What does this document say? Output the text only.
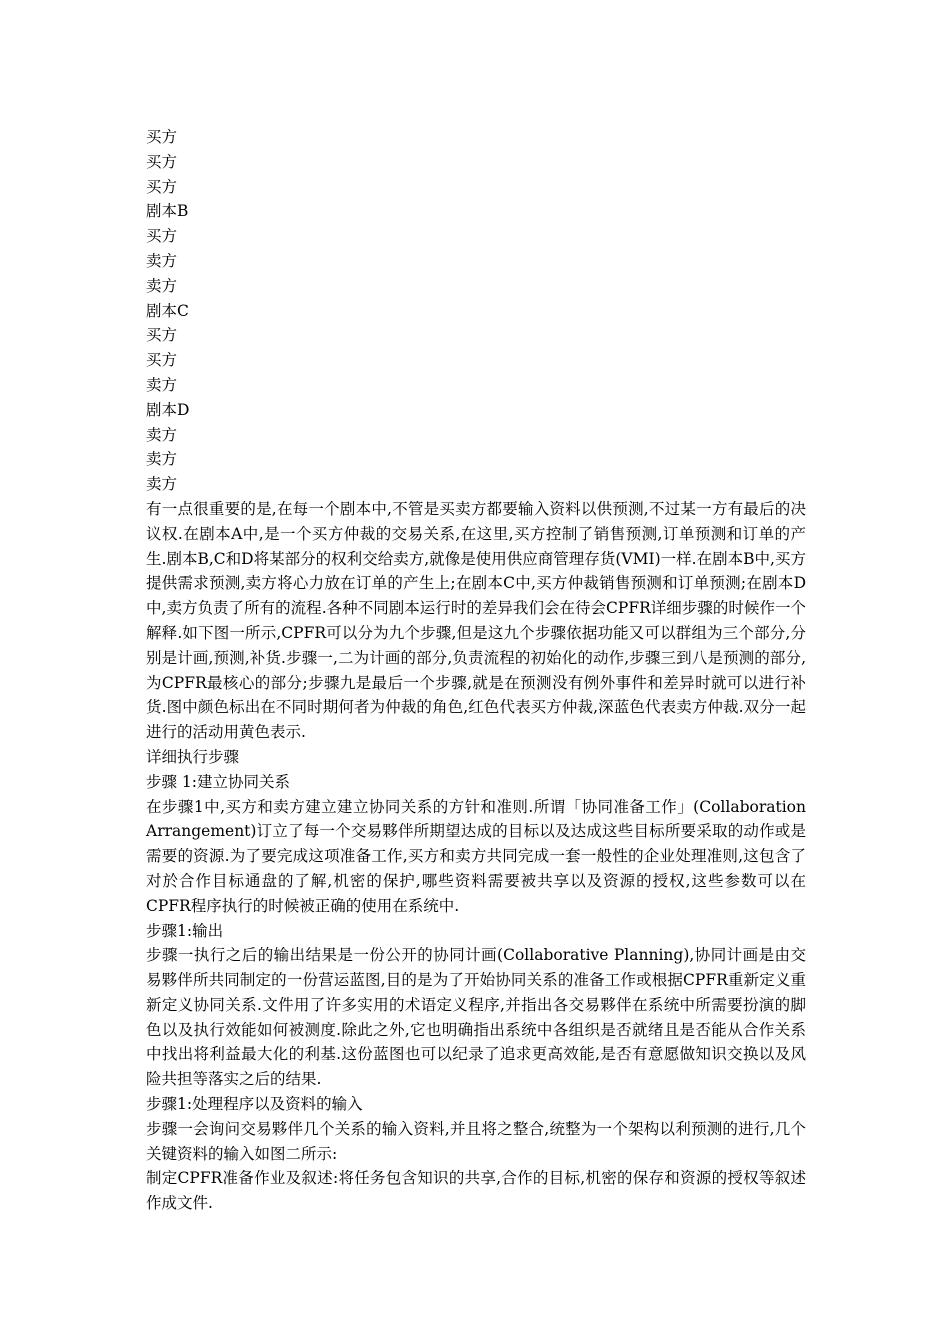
买方
买方
买方
剧本B
买方
卖方
卖方
剧本C
买方
买方
卖方
剧本D
卖方
卖方
卖方

有一点很重要的是,在每一个剧本中,不管是买卖方都要输入资料以供预测,不过某一方有最后的决议权.在剧本A中,是一个买方仲裁的交易关系,在这里,买方控制了销售预测,订单预测和订单的产生.剧本B,C和D将某部分的权利交给卖方,就像是使用供应商管理存货(VMI)一样.在剧本B中,买方提供需求预测,卖方将心力放在订单的产生上;在剧本C中,买方仲裁销售预测和订单预测;在剧本D中,卖方负责了所有的流程.各种不同剧本运行时的差异我们会在待会CPFR详细步骤的时候作一个解释.如下图一所示,CPFR可以分为九个步骤,但是这九个步骤依据功能又可以群组为三个部分,分别是计画,预测,补货.步骤一,二为计画的部分,负责流程的初始化的动作,步骤三到八是预测的部分,为CPFR最核心的部分;步骤九是最后一个步骤,就是在预测没有例外事件和差异时就可以进行补货.图中颜色标出在不同时期何者为仲裁的角色,红色代表买方仲裁,深蓝色代表卖方仲裁.双分一起进行的活动用黄色表示.

详细执行步骤
步骤 1:建立协同关系

在步骤1中,买方和卖方建立建立协同关系的方针和准则.所谓「协同准备工作」(Collaboration Arrangement)订立了每一个交易夥伴所期望达成的目标以及达成这些目标所要采取的动作或是需要的资源.为了要完成这项准备工作,买方和卖方共同完成一套一般性的企业处理准则,这包含了对於合作目标通盘的了解,机密的保护,哪些资料需要被共享以及资源的授权,这些参数可以在CPFR程序执行的时候被正确的使用在系统中.

步骤1:输出

步骤一执行之后的输出结果是一份公开的协同计画(Collaborative Planning),协同计画是由交易夥伴所共同制定的一份营运蓝图,目的是为了开始协同关系的准备工作或根据CPFR重新定义重新定义协同关系.文件用了许多实用的术语定义程序,并指出各交易夥伴在系统中所需要扮演的脚色以及执行效能如何被测度.除此之外,它也明确指出系统中各组织是否就绪且是否能从合作关系中找出将利益最大化的利基.这份蓝图也可以纪录了追求更高效能,是否有意愿做知识交换以及风险共担等落实之后的结果.

步骤1:处理程序以及资料的输入

步骤一会询问交易夥伴几个关系的输入资料,并且将之整合,统整为一个架构以利预测的进行,几个关键资料的输入如图二所示:

制定CPFR准备作业及叙述:将任务包含知识的共享,合作的目标,机密的保存和资源的授权等叙述作成文件.
